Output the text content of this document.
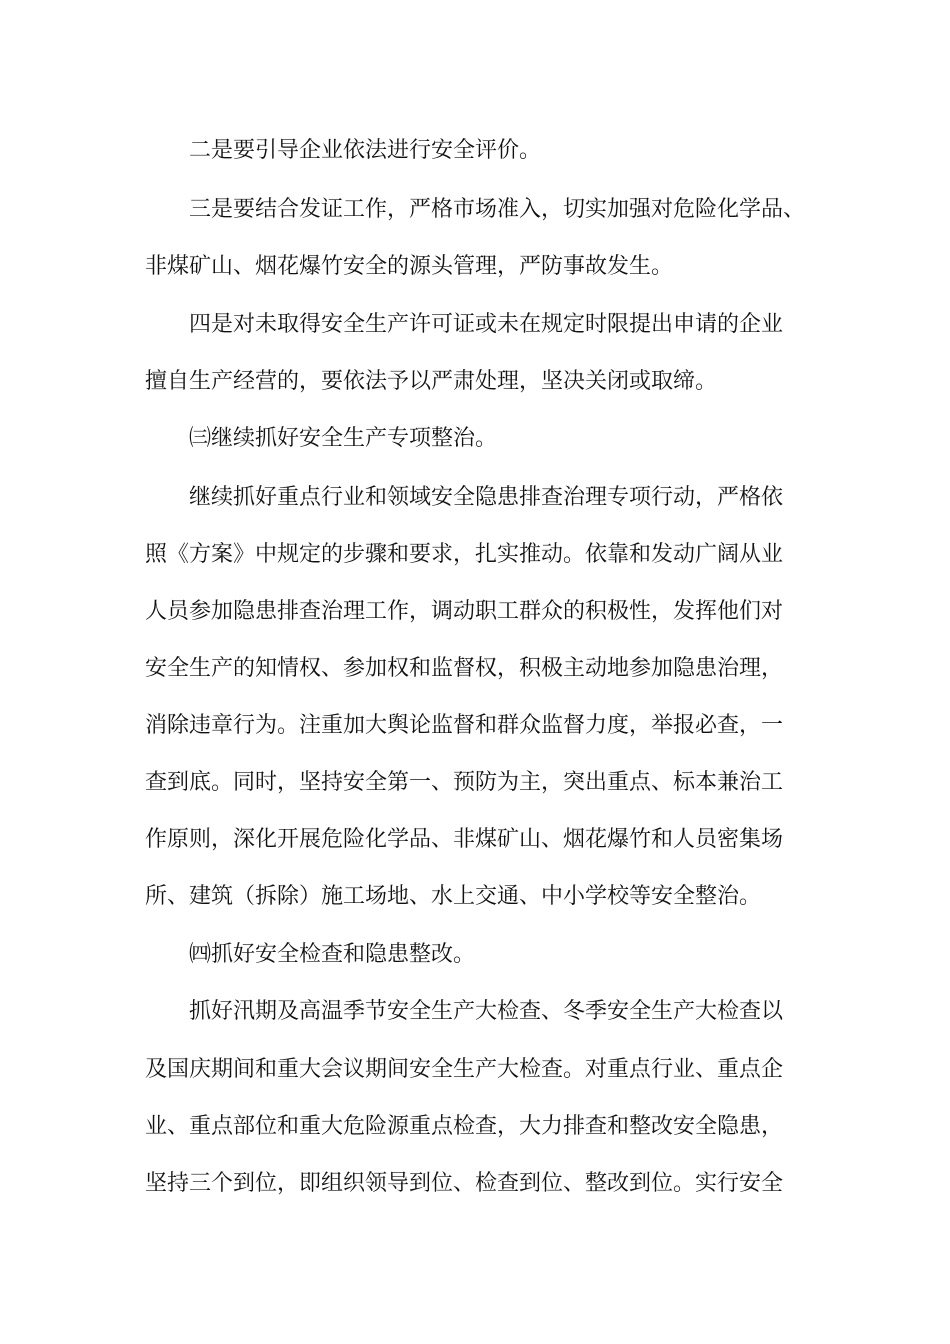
二是要引导企业依法进行安全评价。
三是要结合发证工作，严格市场准入，切实加强对危险化学品、
非煤矿山、烟花爆竹安全的源头管理，严防事故发生。
四是对未取得安全生产许可证或未在规定时限提出申请的企业
擅自生产经营的，要依法予以严肃处理，坚决关闭或取缔。
㈢继续抓好安全生产专项整治。
继续抓好重点行业和领域安全隐患排查治理专项行动，严格依
照《方案》中规定的步骤和要求，扎实推动。依靠和发动广阔从业
人员参加隐患排查治理工作，调动职工群众的积极性，发挥他们对
安全生产的知情权、参加权和监督权，积极主动地参加隐患治理，
消除违章行为。注重加大舆论监督和群众监督力度，举报必查，一
查到底。同时，坚持安全第一、预防为主，突出重点、标本兼治工
作原则，深化开展危险化学品、非煤矿山、烟花爆竹和人员密集场
所、建筑（拆除）施工场地、水上交通、中小学校等安全整治。
㈣抓好安全检查和隐患整改。
抓好汛期及高温季节安全生产大检查、冬季安全生产大检查以
及国庆期间和重大会议期间安全生产大检查。对重点行业、重点企
业、重点部位和重大危险源重点检查，大力排查和整改安全隐患，
坚持三个到位，即组织领导到位、检查到位、整改到位。实行安全
